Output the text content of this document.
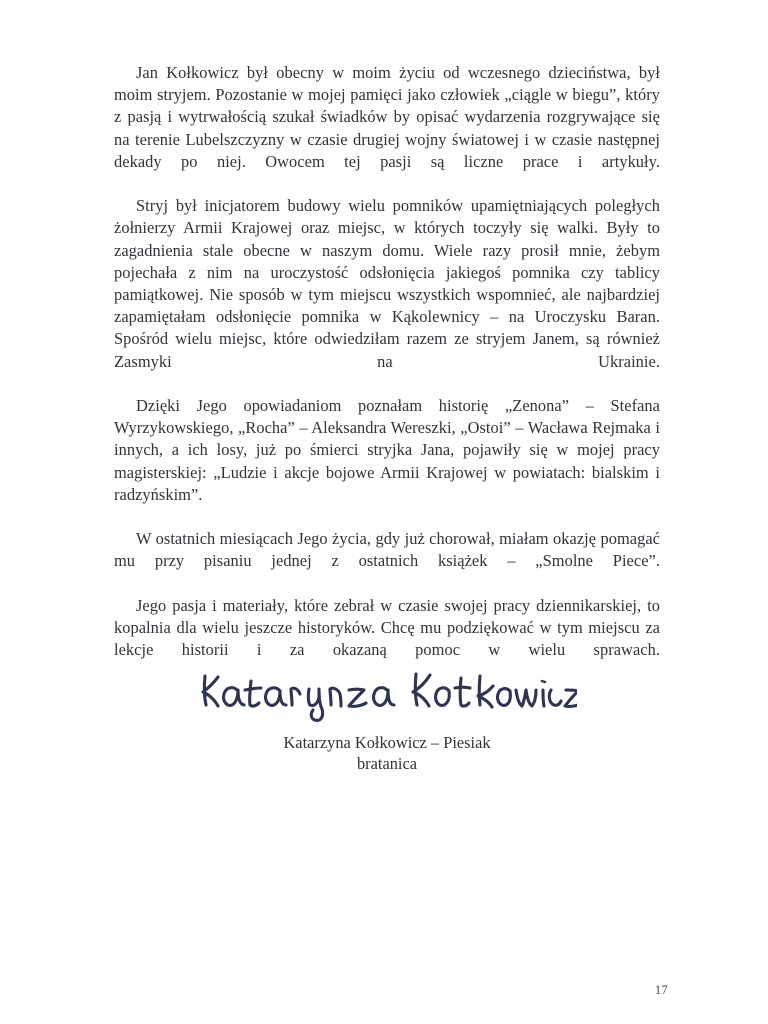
Jan Kołkowicz był obecny w moim życiu od wczesnego dzieciństwa, był moim stryjem. Pozostanie w mojej pamięci jako człowiek „ciągle w biegu”, który z pasją i wytrwałością szukał świadków by opisać wydarzenia rozgrywające się na terenie Lubelszczyzny w czasie drugiej wojny światowej i w czasie następnej dekady po niej. Owocem tej pasji są liczne prace i artykuły.

Stryj był inicjatorem budowy wielu pomników upamiętniających poległych żołnierzy Armii Krajowej oraz miejsc, w których toczyły się walki. Były to zagadnienia stale obecne w naszym domu. Wiele razy prosił mnie, żebym pojechała z nim na uroczystość odsłonięcia jakiegoś pomnika czy tablicy pamiątkowej. Nie sposób w tym miejscu wszystkich wspomnieć, ale najbardziej zapamiętałam odsłonięcie pomnika w Kąkolewnicy – na Uroczysku Baran. Spośród wielu miejsc, które odwiedziłam razem ze stryjem Janem, są również Zasmyki na Ukrainie.

Dzięki Jego opowiadaniom poznałam historię „Zenona” – Stefana Wyrzykowskiego, „Rocha” – Aleksandra Wereszki, „Ostoi” – Wacława Rejmaka i innych, a ich losy, już po śmierci stryjka Jana, pojawiły się w mojej pracy magisterskiej: „Ludzie i akcje bojowe Armii Krajowej w powiatach: bialskim i radzyńskim”.

W ostatnich miesiącach Jego życia, gdy już chorował, miałam okazję pomagać mu przy pisaniu jednej z ostatnich książek – „Smolne Piece”.

Jego pasja i materiały, które zebrał w czasie swojej pracy dziennikarskiej, to kopalnia dla wielu jeszcze historyków. Chcę mu podziękować w tym miejscu za lekcje historii i za okazaną pomoc w wielu sprawach.

Katarzyna Kołkowicz – Piesiak

bratanica

17
